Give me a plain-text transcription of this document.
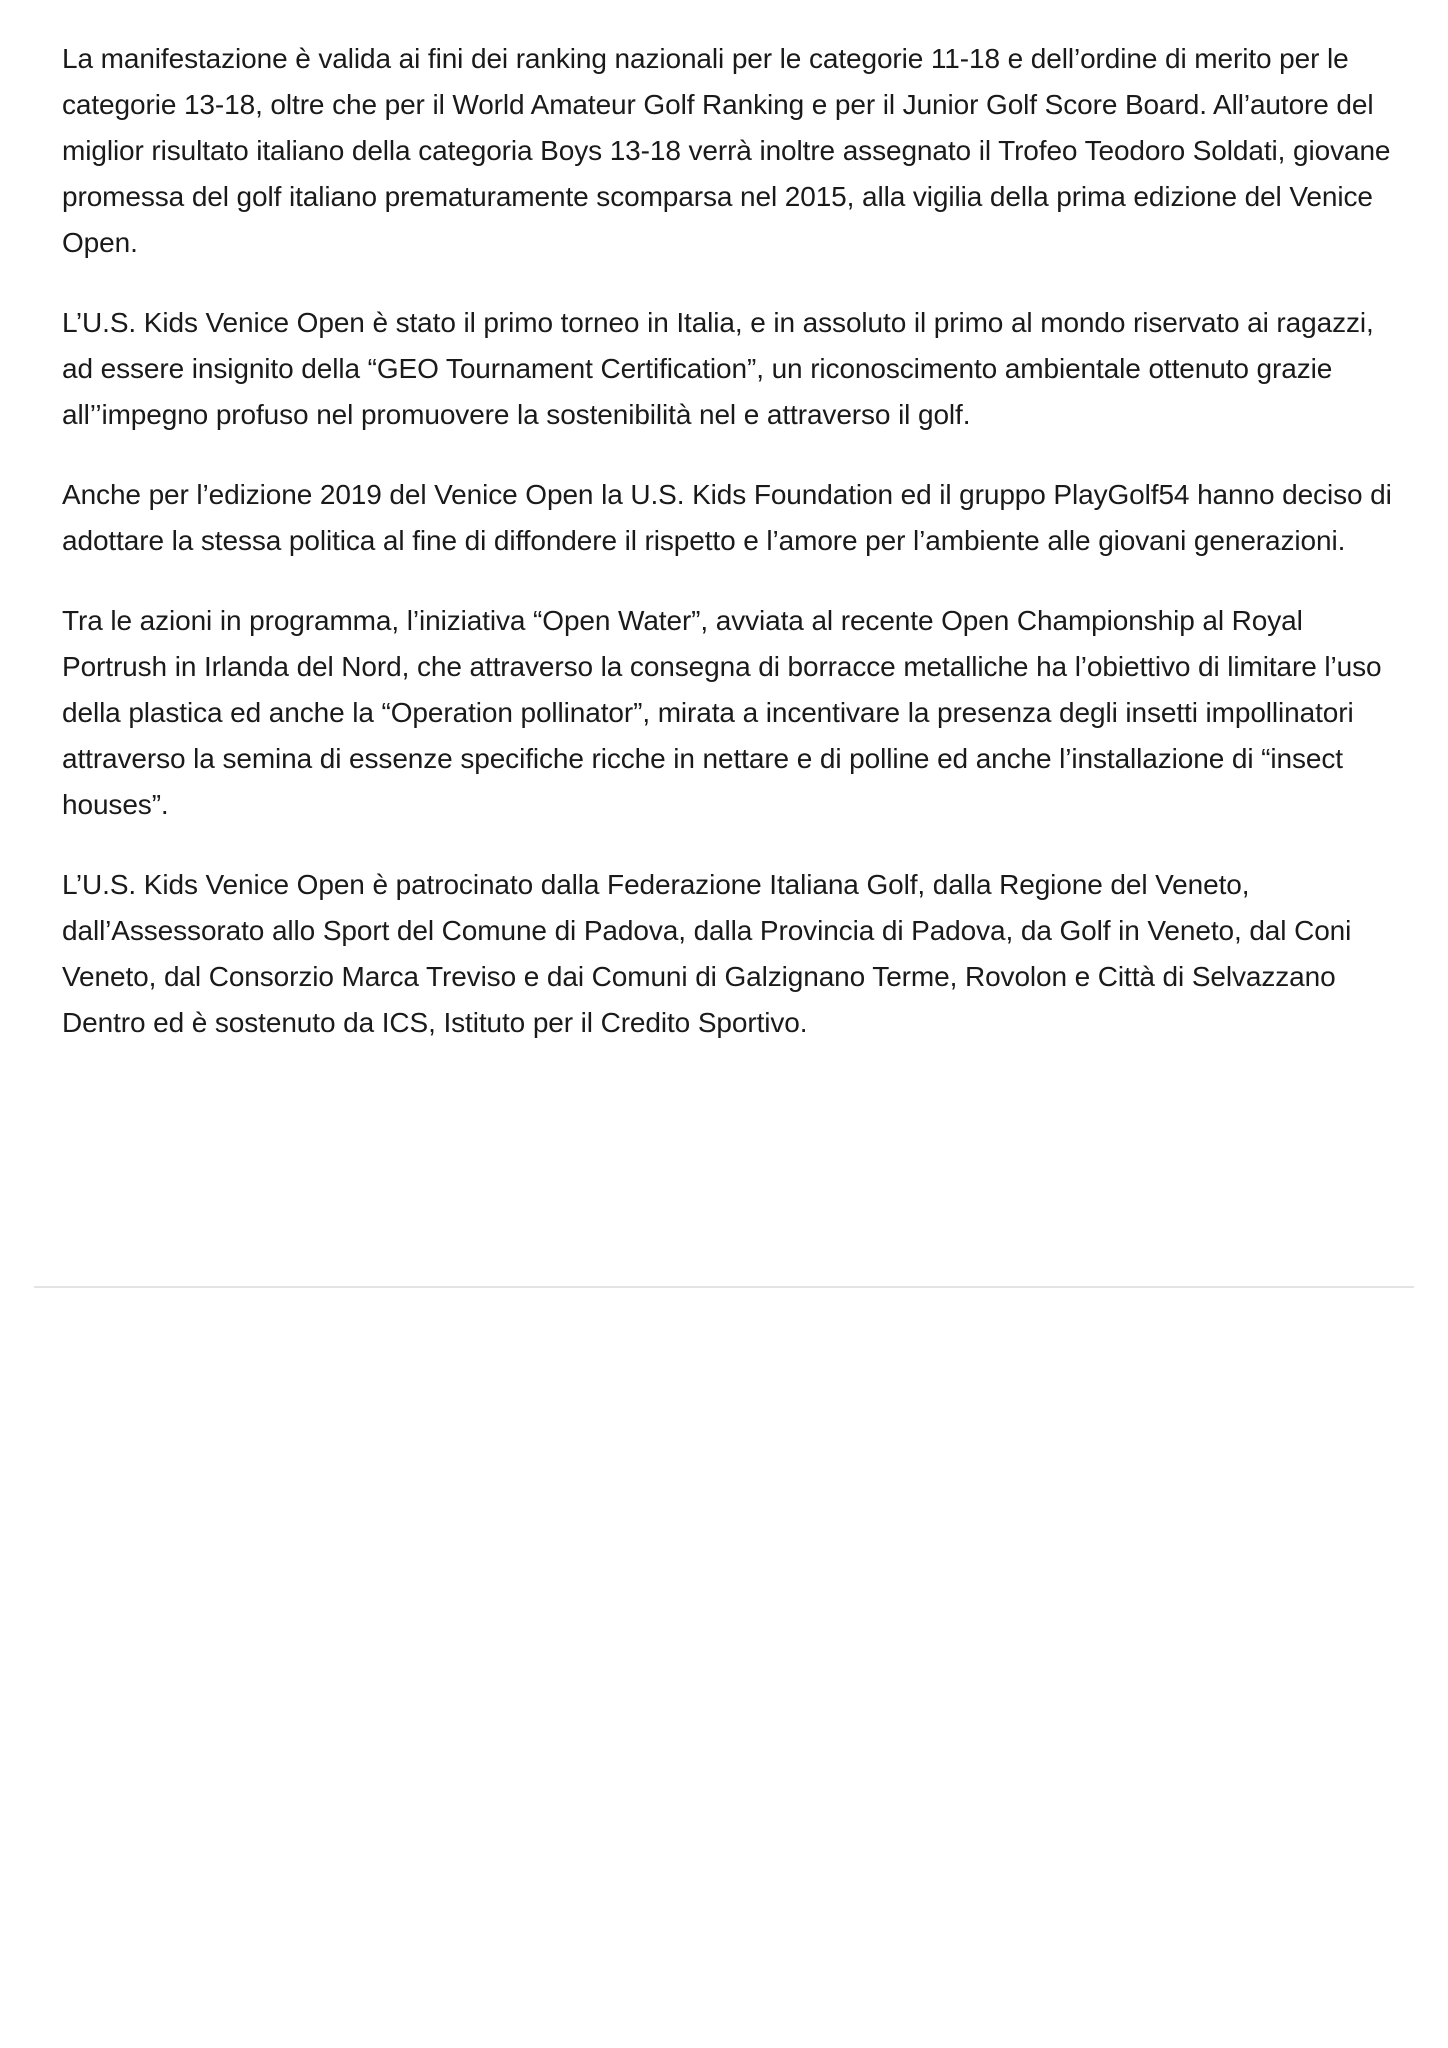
La manifestazione è valida ai fini dei ranking nazionali per le categorie 11-18 e dell’ordine di merito per le categorie 13-18, oltre che per il World Amateur Golf Ranking e per il Junior Golf Score Board. All’autore del miglior risultato italiano della categoria Boys 13-18 verrà inoltre assegnato il Trofeo Teodoro Soldati, giovane promessa del golf italiano prematuramente scomparsa nel 2015, alla vigilia della prima edizione del Venice Open.

L’U.S. Kids Venice Open è stato il primo torneo in Italia, e in assoluto il primo al mondo riservato ai ragazzi, ad essere insignito della “GEO Tournament Certification”, un riconoscimento ambientale ottenuto grazie all’’impegno profuso nel promuovere la sostenibilità nel e attraverso il golf.

Anche per l’edizione 2019 del Venice Open la U.S. Kids Foundation ed il gruppo PlayGolf54 hanno deciso di adottare la stessa politica al fine di diffondere il rispetto e l’amore per l’ambiente alle giovani generazioni.

Tra le azioni in programma, l’iniziativa “Open Water”, avviata al recente Open Championship al Royal Portrush in Irlanda del Nord, che attraverso la consegna di borracce metalliche ha l’obiettivo di limitare l’uso della plastica ed anche la “Operation pollinator”, mirata a incentivare la presenza degli insetti impollinatori attraverso la semina di essenze specifiche ricche in nettare e di polline ed anche l’installazione di “insect houses”.

L’U.S. Kids Venice Open è patrocinato dalla Federazione Italiana Golf, dalla Regione del Veneto, dall’Assessorato allo Sport del Comune di Padova, dalla Provincia di Padova, da Golf in Veneto, dal Coni Veneto, dal Consorzio Marca Treviso e dai Comuni di Galzignano Terme, Rovolon e Città di Selvazzano Dentro ed è sostenuto da ICS, Istituto per il Credito Sportivo.
